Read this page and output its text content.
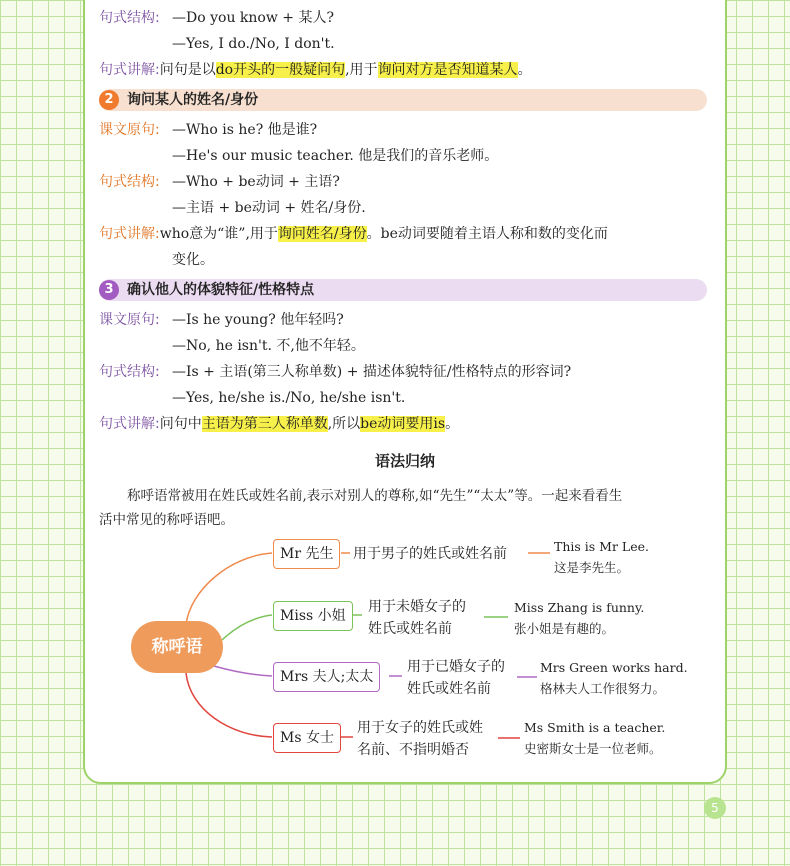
句式结构: —Do you know + 某人?
—Yes, I do./No, I don't.
句式讲解:问句是以do开头的一般疑问句,用于询问对方是否知道某人。
2 询问某人的姓名/身份
课文原句: —Who is he? 他是谁?
—He's our music teacher. 他是我们的音乐老师。
句式结构: —Who + be动词 + 主语?
—主语 + be动词 + 姓名/身份.
句式讲解:who意为“谁”,用于询问姓名/身份。be动词要随着主语人称和数的变化而
变化。
3 确认他人的体貌特征/性格特点
课文原句: —Is he young? 他年轻吗?
—No, he isn't. 不,他不年轻。
句式结构: —Is + 主语(第三人称单数) + 描述体貌特征/性格特点的形容词?
—Yes, he/she is./No, he/she isn't.
句式讲解:问句中主语为第三人称单数,所以be动词要用is。
语法归纳
称呼语常被用在姓氏或姓名前,表示对别人的尊称,如“先生”“太太”等。一起来看看生
活中常见的称呼语吧。
称呼语
Mr 先生	用于男子的姓氏或姓名前	This is Mr Lee.
这是李先生。
Miss 小姐
用于未婚女子的
姓氏或姓名前
Miss Zhang is funny.
张小姐是有趣的。
Mrs 夫人;太太
用于已婚女子的
姓氏或姓名前
Mrs Green works hard.
格林夫人工作很努力。
Ms 女士
用于女子的姓氏或姓
名前、不指明婚否
Ms Smith is a teacher.
史密斯女士是一位老师。
5
